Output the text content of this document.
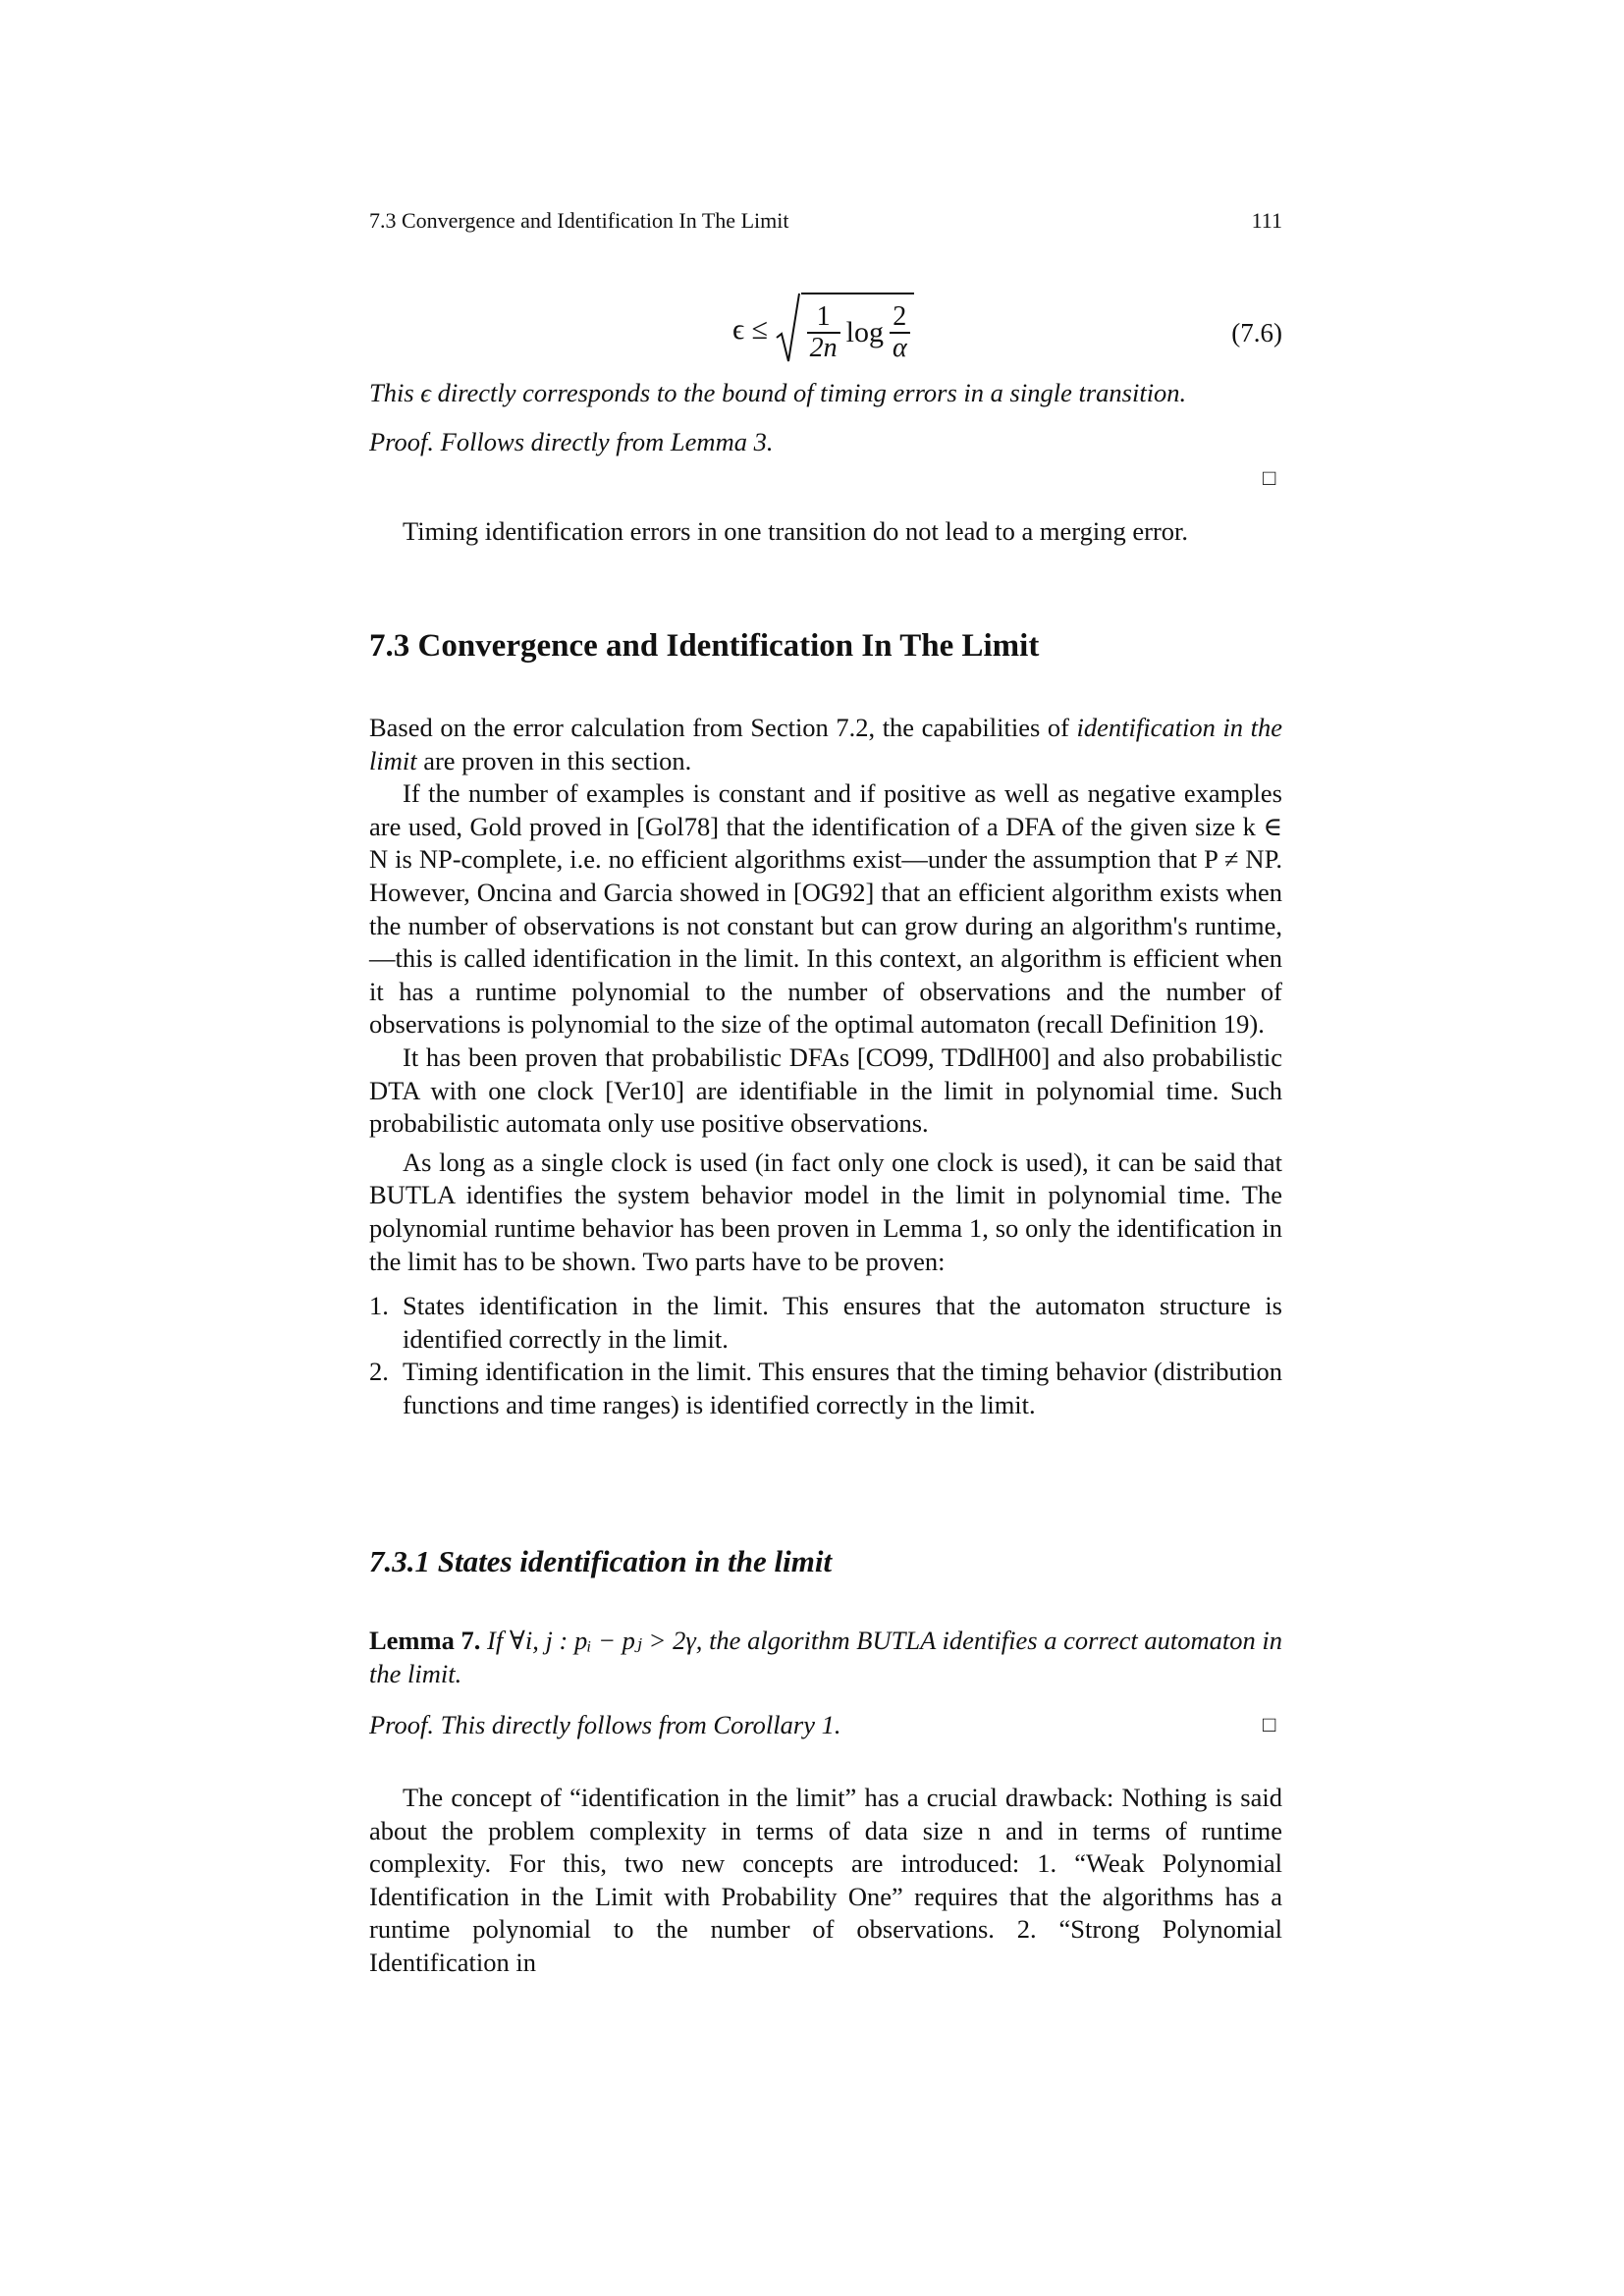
7.3 Convergence and Identification In The Limit	111
$\epsilon \le \frac{1}{2n}$ $\log \frac{2}{\alpha}$	(7.6)

This ϵ directly corresponds to the bound of timing errors in a single transition.

Proof. Follows directly from Lemma 3.

□

Timing identification errors in one transition do not lead to a merging error.

7.3 Convergence and Identification In The Limit

Based on the error calculation from Section 7.2, the capabilities of identification in the limit are proven in this section.

If the number of examples is constant and if positive as well as negative examples are used, Gold proved in [Gol78] that the identification of a DFA of the given size k ∈ N is NP-complete, i.e. no efficient algorithms exist—under the assumption that P ≠ NP. However, Oncina and Garcia showed in [OG92] that an efficient algorithm exists when the number of observations is not constant but can grow during an algorithm's runtime,—this is called identification in the limit. In this context, an algorithm is efficient when it has a runtime polynomial to the number of observations and the number of observations is polynomial to the size of the optimal automaton (recall Definition 19).

It has been proven that probabilistic DFAs [CO99, TDdlH00] and also probabilistic DTA with one clock [Ver10] are identifiable in the limit in polynomial time. Such probabilistic automata only use positive observations.

As long as a single clock is used (in fact only one clock is used), it can be said that BUTLA identifies the system behavior model in the limit in polynomial time. The polynomial runtime behavior has been proven in Lemma 1, so only the identification in the limit has to be shown. Two parts have to be proven:

1. States identification in the limit. This ensures that the automaton structure is identified correctly in the limit.
2. Timing identification in the limit. This ensures that the timing behavior (distribution functions and time ranges) is identified correctly in the limit.
7.3.1 States identification in the limit

Lemma 7. If ∀i, j : pᵢ − pⱼ > 2γ, the algorithm BUTLA identifies a correct automaton in the limit.

Proof. This directly follows from Corollary 1.	□

The concept of “identification in the limit” has a crucial drawback: Nothing is said about the problem complexity in terms of data size n and in terms of runtime complexity. For this, two new concepts are introduced: 1. “Weak Polynomial Identification in the Limit with Probability One” requires that the algorithms has a runtime polynomial to the number of observations. 2. “Strong Polynomial Identification in
